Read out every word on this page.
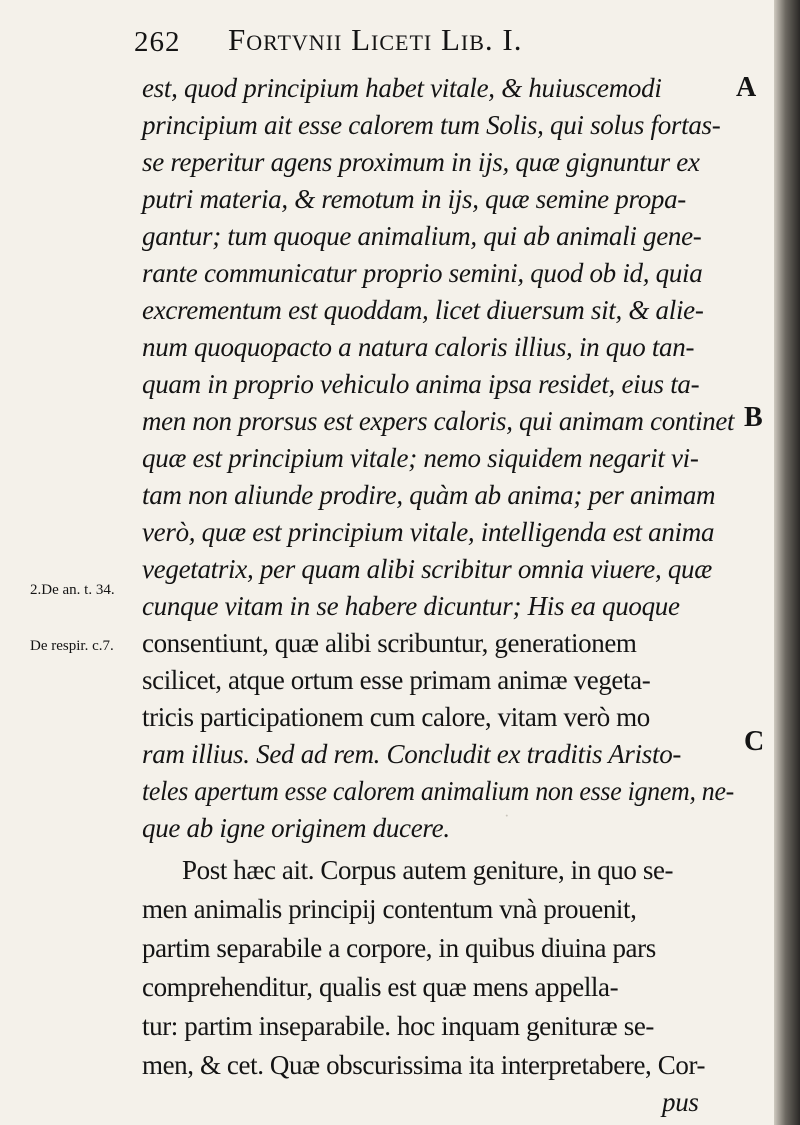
262 Fortvnii Liceti Lib. I.
A
B
C
2.De an. t. 34.
De respir. c.7.
·
est, quod principium habet vitale, & huiuscemodi
principium ait esse calorem tum Solis, qui solus fortas-
se reperitur agens proximum in ijs, quæ gignuntur ex
putri materia, & remotum in ijs, quæ semine propa-
gantur; tum quoque animalium, qui ab animali gene-
rante communicatur proprio semini, quod ob id, quia
excrementum est quoddam, licet diuersum sit, & alie-
num quoquopacto a natura caloris illius, in quo tan-
quam in proprio vehiculo anima ipsa residet, eius ta-
men non prorsus est expers caloris, qui animam continet
quæ est principium vitale; nemo siquidem negarit vi-
tam non aliunde prodire, quàm ab anima; per animam
verò, quæ est principium vitale, intelligenda est anima
vegetatrix, per quam alibi scribitur omnia viuere, quæ
cunque vitam in se habere dicuntur; His ea quoque
consentiunt, quæ alibi scribuntur, generationem
scilicet, atque ortum esse primam animæ vegeta-
tricis participationem cum calore, vitam verò mo
ram illius. Sed ad rem. Concludit ex traditis Aristo-
teles apertum esse calorem animalium non esse ignem, ne-
que ab igne originem ducere.
Post hæc ait. Corpus autem geniture, in quo se-
men animalis principij contentum vnà prouenit,
partim separabile a corpore, in quibus diuina pars
comprehenditur, qualis est quæ mens appella-
tur: partim inseparabile. hoc inquam genituræ se-
men, & cet. Quæ obscurissima ita interpretabere, Cor-
pus
